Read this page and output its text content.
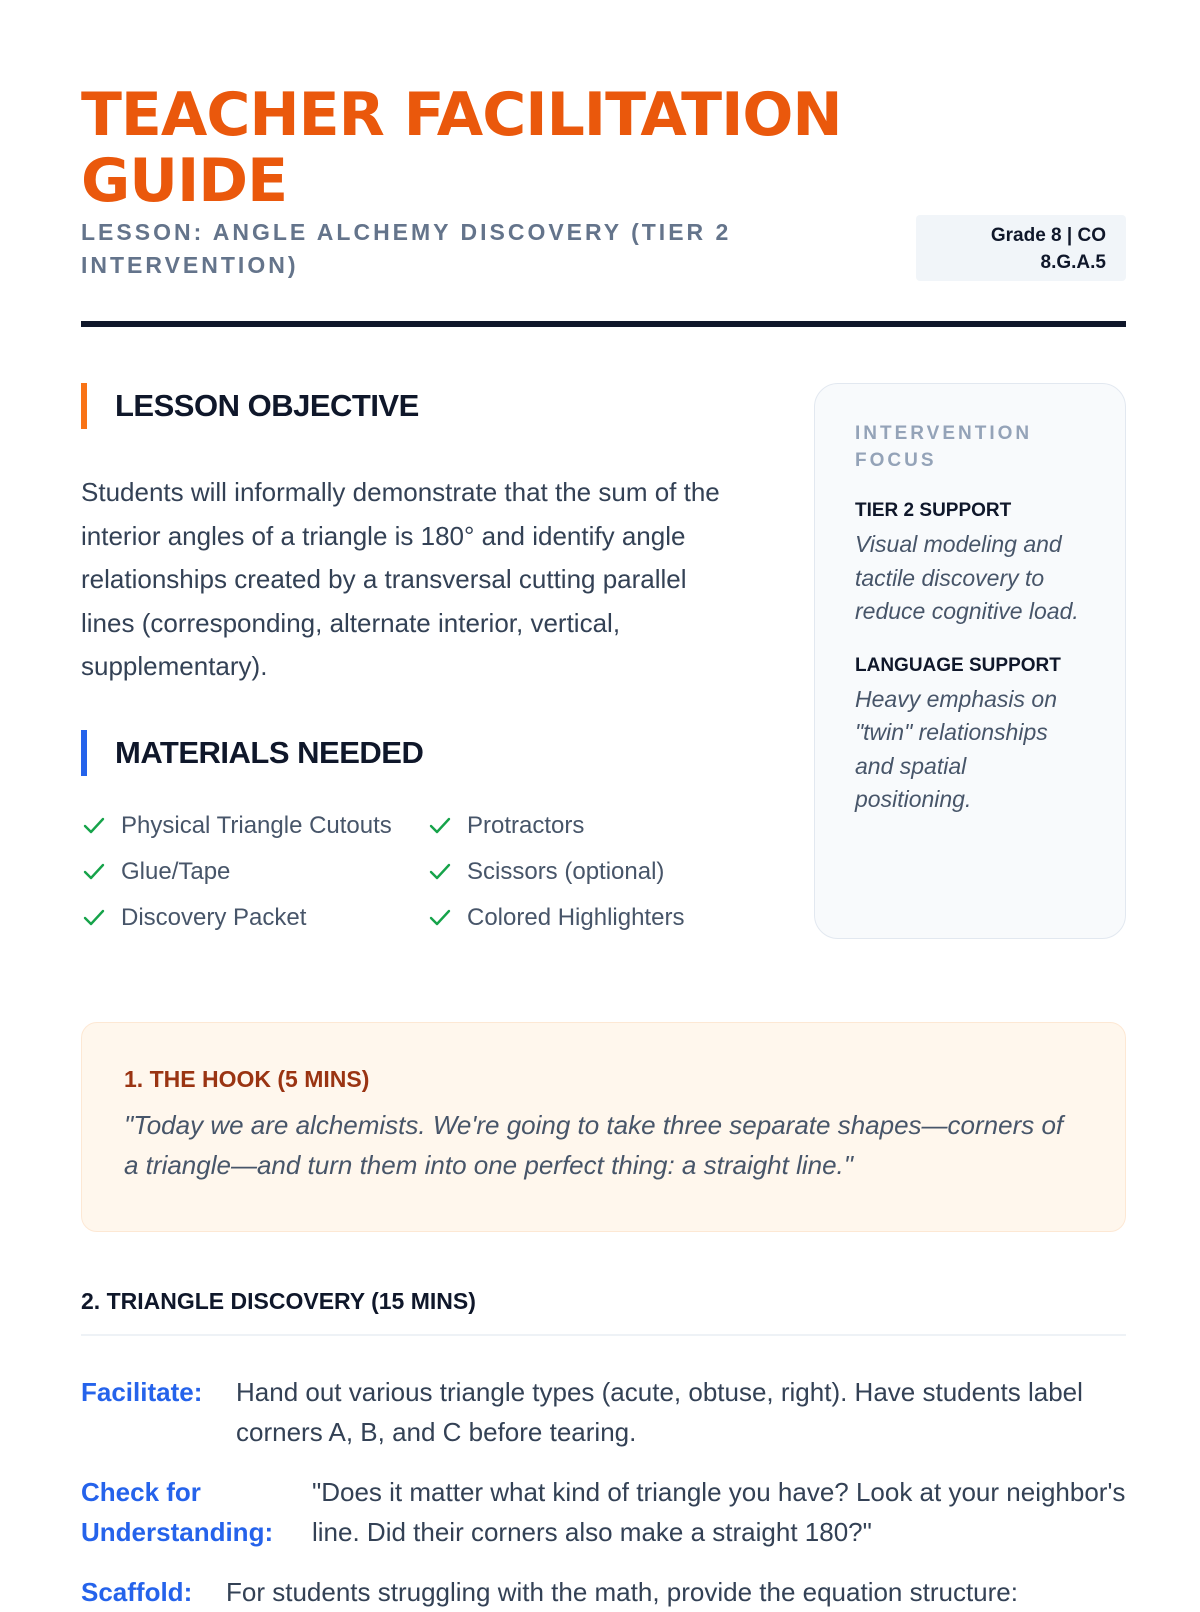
TEACHER FACILITATION GUIDE

LESSON: ANGLE ALCHEMY DISCOVERY (TIER 2 INTERVENTION)

Grade 8 | CO 8.G.A.5
LESSON OBJECTIVE

Students will informally demonstrate that the sum of the interior angles of a triangle is 180° and identify angle relationships created by a transversal cutting parallel lines (corresponding, alternate interior, vertical, supplementary).

MATERIALS NEEDED
Physical Triangle Cutouts	Protractors
Glue/Tape	Scissors (optional)
Discovery Packet	Colored Highlighters

INTERVENTION FOCUS

TIER 2 SUPPORT

Visual modeling and tactile discovery to reduce cognitive load.

LANGUAGE SUPPORT

Heavy emphasis on "twin" relationships and spatial positioning.

1. THE HOOK (5 MINS)

"Today we are alchemists. We're going to take three separate shapes—corners of a triangle—and turn them into one perfect thing: a straight line."

2. TRIANGLE DISCOVERY (15 MINS)
Facilitate: Hand out various triangle types (acute, obtuse, right). Have students label corners A, B, and C before tearing.
Check for Understanding:
"Does it matter what kind of triangle you have? Look at your neighbor's line. Did their corners also make a straight 180?"
Scaffold: For students struggling with the math, provide the equation structure:
